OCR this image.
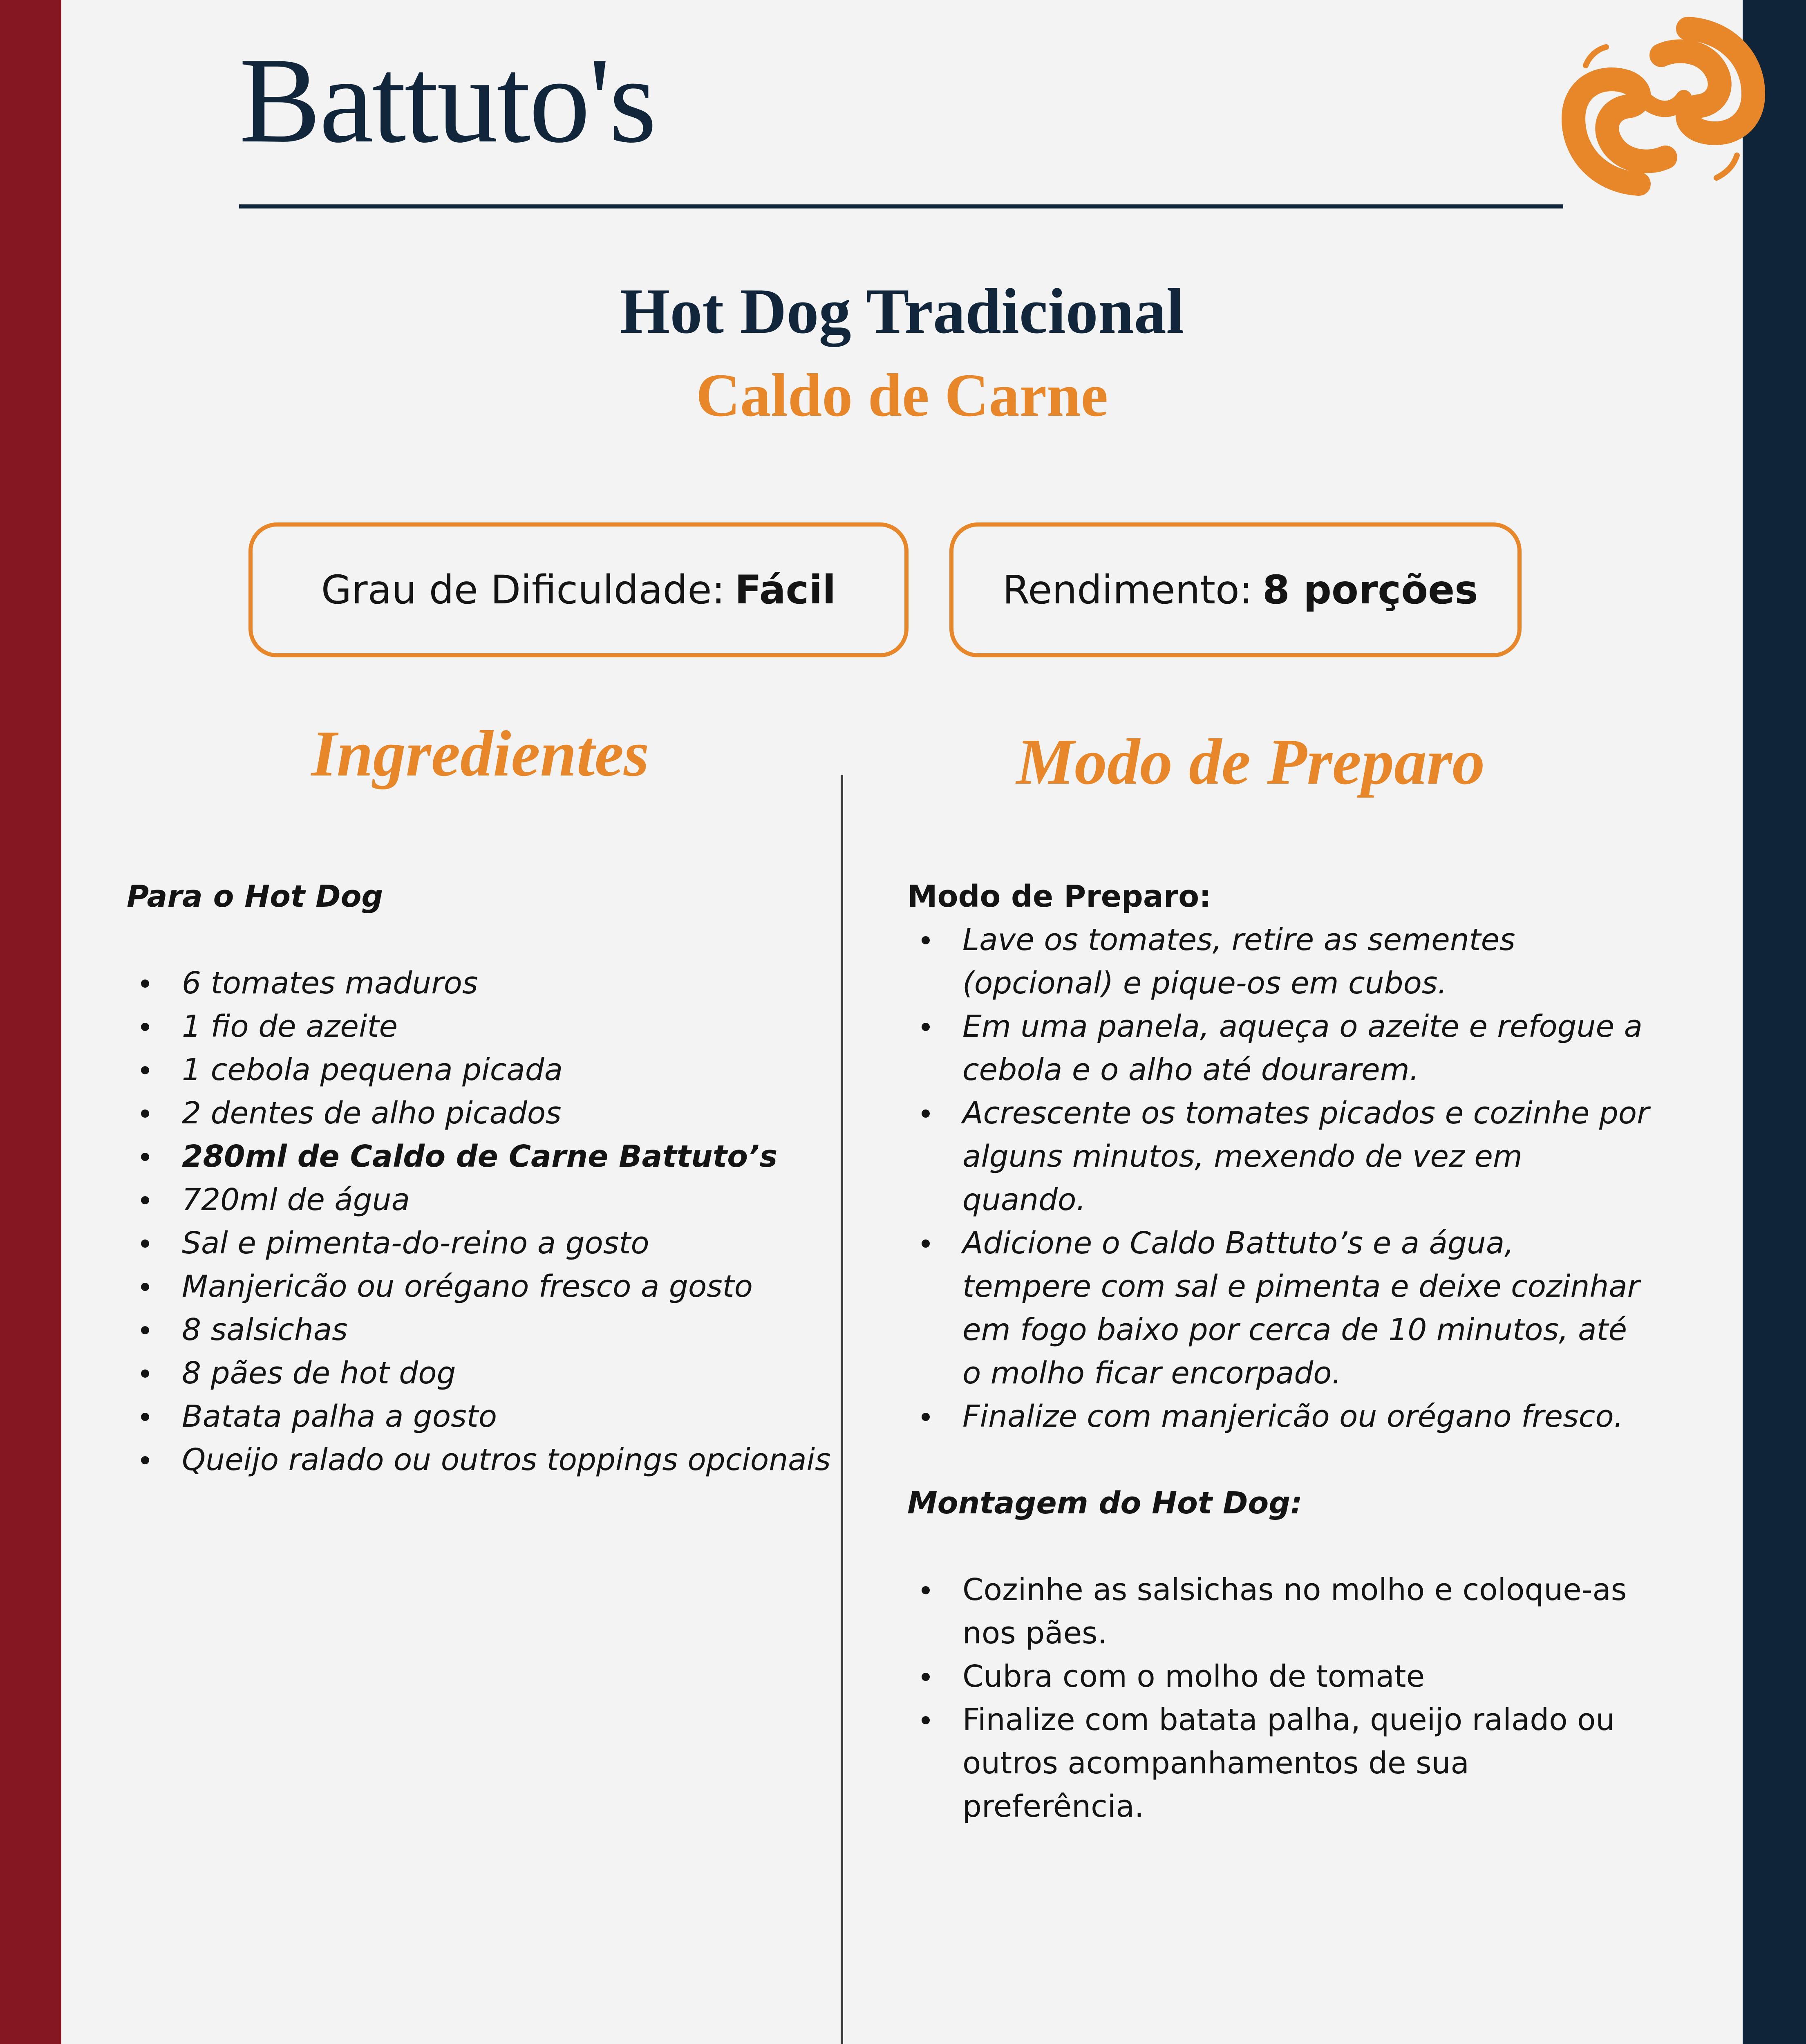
Battuto's
Hot Dog Tradicional
Caldo de Carne
Grau de Dificuldade: Fácil	Rendimento: 8 porções
Ingredientes	Modo de Preparo

Para o Hot Dog

6 tomates maduros
1 fio de azeite
1 cebola pequena picada
2 dentes de alho picados
280ml de Caldo de Carne Battuto’s
720ml de água
Sal e pimenta-do-reino a gosto
Manjericão ou orégano fresco a gosto
8 salsichas
8 pães de hot dog
Batata palha a gosto
Queijo ralado ou outros toppings opcionais

Modo de Preparo:

Lave os tomates, retire as sementes (opcional) e pique-os em cubos.
Em uma panela, aqueça o azeite e refogue a cebola e o alho até dourarem.
Acrescente os tomates picados e cozinhe por alguns minutos, mexendo de vez em quando.
Adicione o Caldo Battuto’s e a água, tempere com sal e pimenta e deixe cozinhar em fogo baixo por cerca de 10 minutos, até o molho ficar encorpado.
Finalize com manjericão ou orégano fresco.

Montagem do Hot Dog:

Cozinhe as salsichas no molho e coloque-as nos pães.
Cubra com o molho de tomate
Finalize com batata palha, queijo ralado ou outros acompanhamentos de sua preferência.
